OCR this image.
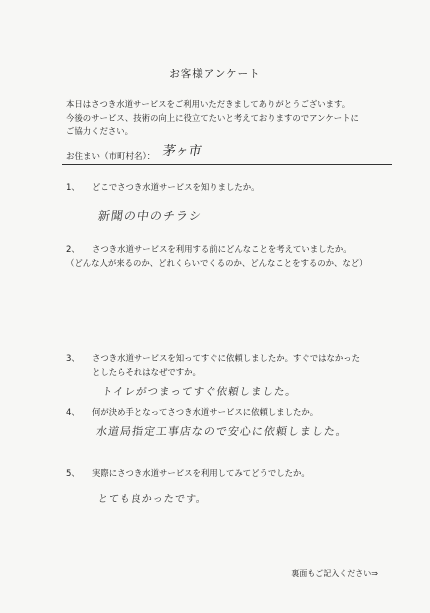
お客様アンケート
本日はさつき水道サービスをご利用いただきましてありがとうございます。
今後のサービス、技術の向上に役立てたいと考えておりますのでアンケートに
ご協力ください。
お住まい（市町村名）： 茅ヶ市
1、 どこでさつき水道サービスを知りましたか。
新聞の中のチラシ
2、 さつき水道サービスを利用する前にどんなことを考えていましたか。
（どんな人が来るのか、どれくらいでくるのか、どんなことをするのか、など）
3、 さつき水道サービスを知ってすぐに依頼しましたか。すぐではなかった
としたらそれはなぜですか。
トイレがつまってすぐ依頼しました。
4、 何が決め手となってさつき水道サービスに依頼しましたか。
水道局指定工事店なので安心に依頼しました。
5、 実際にさつき水道サービスを利用してみてどうでしたか。
とても良かったです。
裏面もご記入ください⇒
